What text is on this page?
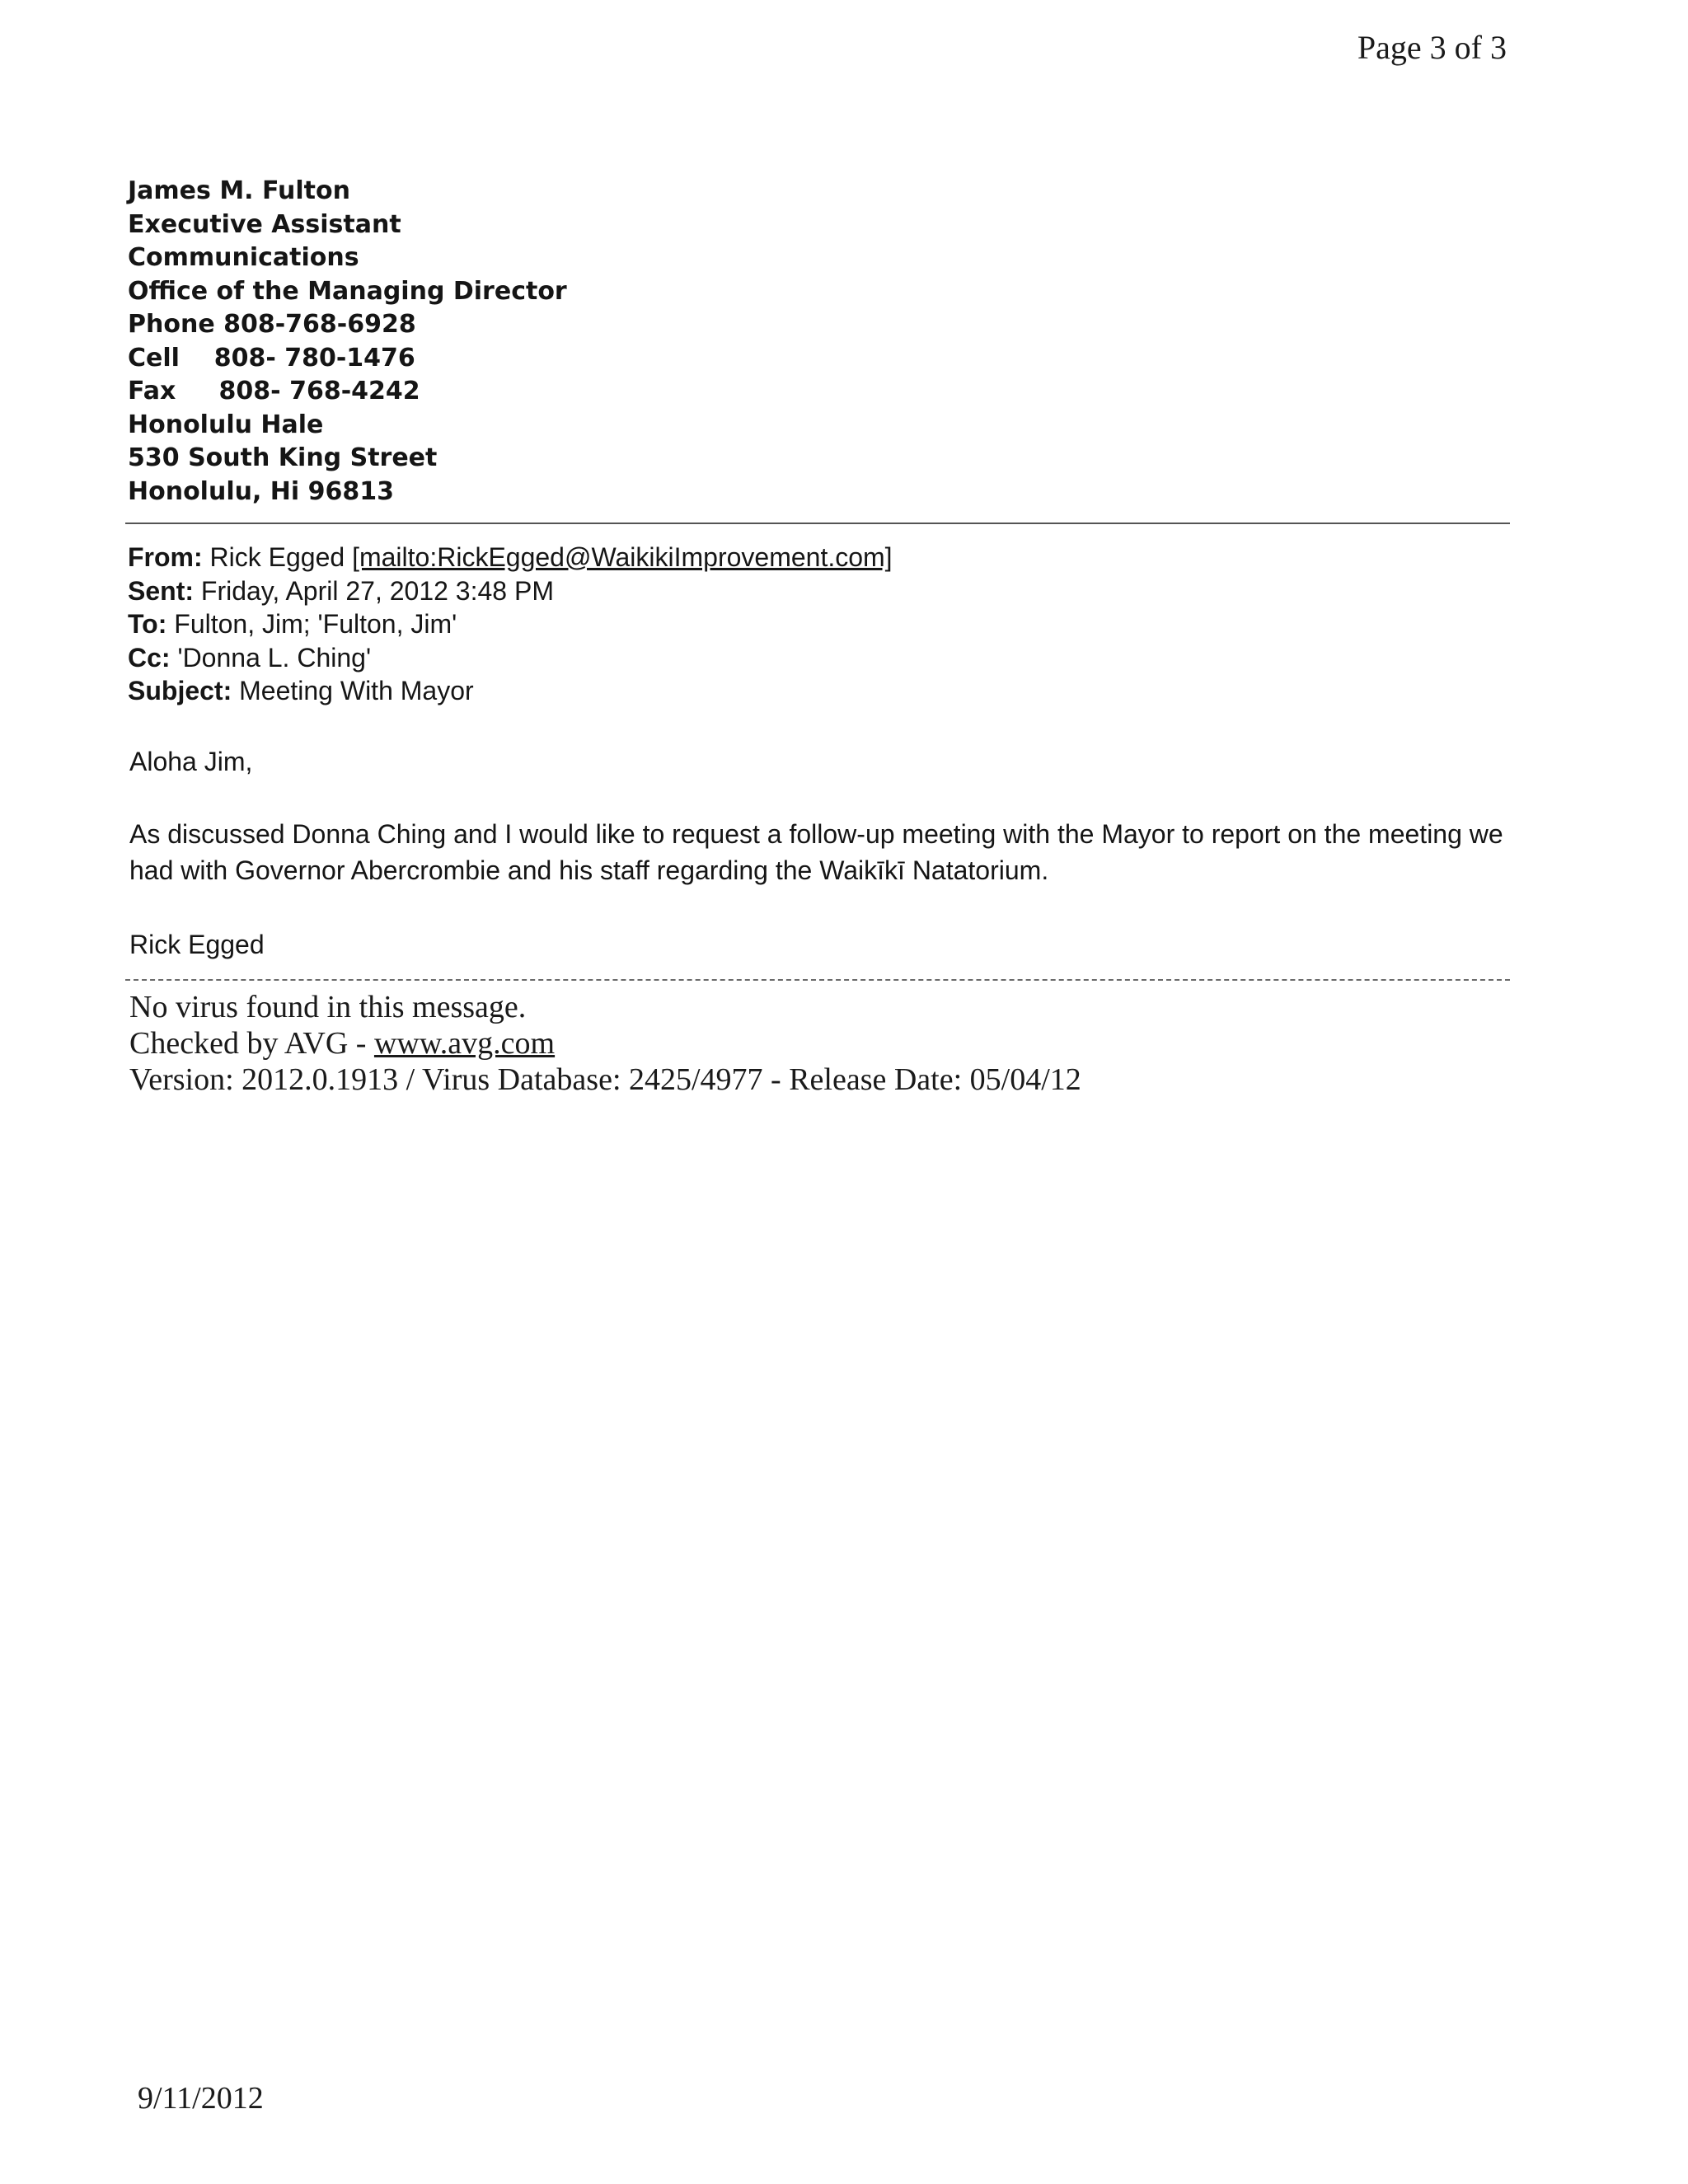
Page 3 of 3
James M. Fulton
Executive Assistant
Communications
Office of the Managing Director
Phone 808-768-6928
Cell    808- 780-1476
Fax     808- 768-4242
Honolulu Hale
530 South King Street
Honolulu, Hi 96813
From: Rick Egged [mailto:RickEgged@WaikikiImprovement.com]
Sent: Friday, April 27, 2012 3:48 PM
To: Fulton, Jim; 'Fulton, Jim'
Cc: 'Donna L. Ching'
Subject: Meeting With Mayor
Aloha Jim,
As discussed Donna Ching and I would like to request a follow-up meeting with the Mayor to report on the meeting we had with Governor Abercrombie and his staff regarding the Waikīkī Natatorium.
Rick Egged
No virus found in this message.
Checked by AVG - www.avg.com
Version: 2012.0.1913 / Virus Database: 2425/4977 - Release Date: 05/04/12
9/11/2012
